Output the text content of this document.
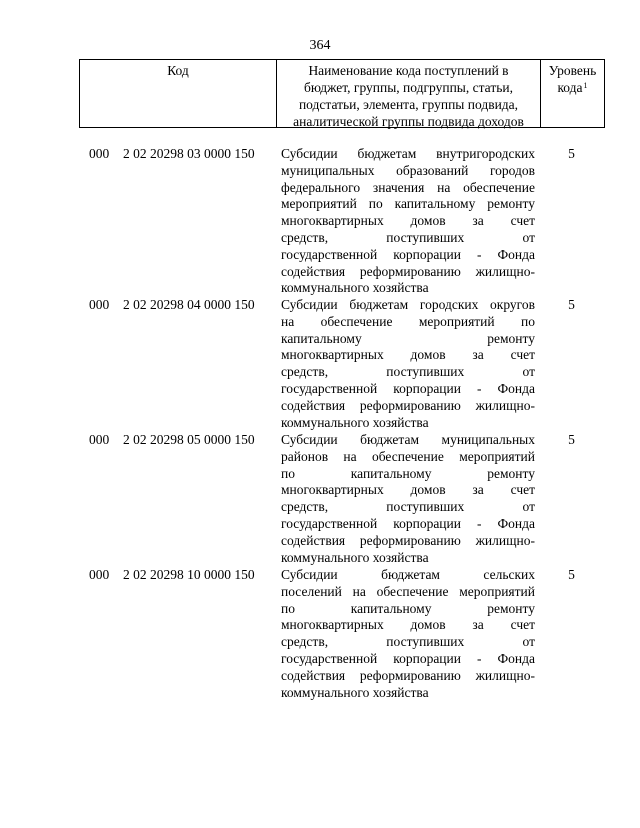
364
Код	Наименование кода поступлений в
бюджет, группы, подгруппы, статьи,
подстатьи, элемента, группы подвида,
аналитической группы подвида доходов
Уровень
кода$^1$
000 2 02 20298 03 0000 150 Субсидии бюджетам внутригородских
муниципальных образований городов
федерального значения на обеспечение
мероприятий по капитальному ремонту
многоквартирных домов за счет
средств, поступивших от
государственной корпорации - Фонда
содействия реформированию жилищно-
коммунального хозяйства
5
000 2 02 20298 04 0000 150 Субсидии бюджетам городских округов
на обеспечение мероприятий по
капитальному ремонту
многоквартирных домов за счет
средств, поступивших от
государственной корпорации - Фонда
содействия реформированию жилищно-
коммунального хозяйства
5
000 2 02 20298 05 0000 150 Субсидии бюджетам муниципальных
районов на обеспечение мероприятий
по капитальному ремонту
многоквартирных домов за счет
средств, поступивших от
государственной корпорации - Фонда
содействия реформированию жилищно-
коммунального хозяйства
5
000 2 02 20298 10 0000 150 Субсидии бюджетам сельских
поселений на обеспечение мероприятий
по капитальному ремонту
многоквартирных домов за счет
средств, поступивших от
государственной корпорации - Фонда
содействия реформированию жилищно-
коммунального хозяйства
5
